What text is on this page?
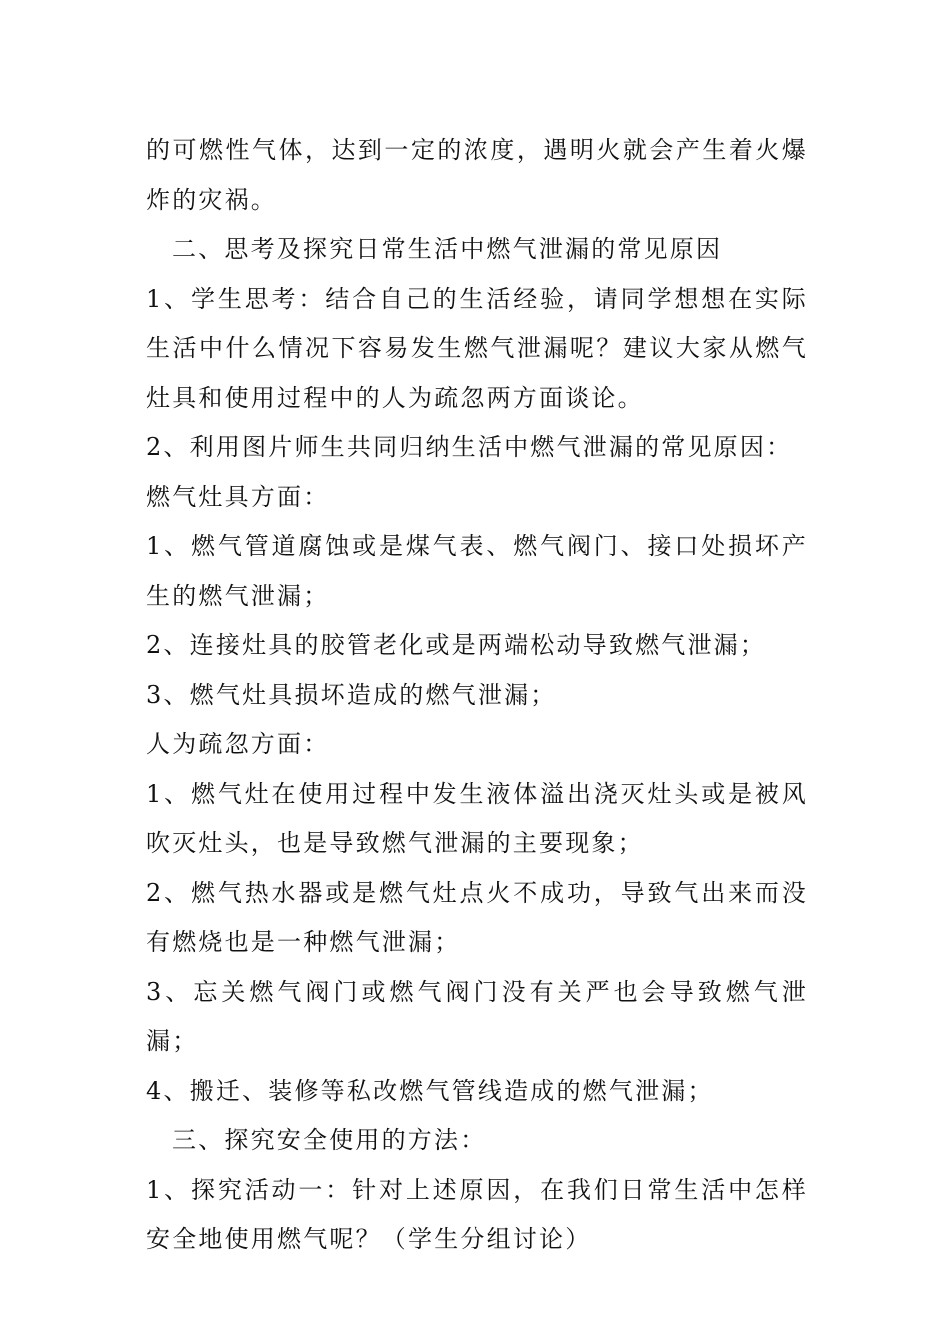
的可燃性气体，达到一定的浓度，遇明火就会产生着火爆炸的灾祸。

二、思考及探究日常生活中燃气泄漏的常见原因

1、学生思考：结合自己的生活经验，请同学想想在实际生活中什么情况下容易发生燃气泄漏呢？建议大家从燃气灶具和使用过程中的人为疏忽两方面谈论。

2、利用图片师生共同归纳生活中燃气泄漏的常见原因：

燃气灶具方面：

1、燃气管道腐蚀或是煤气表、燃气阀门、接口处损坏产生的燃气泄漏；

2、连接灶具的胶管老化或是两端松动导致燃气泄漏；

3、燃气灶具损坏造成的燃气泄漏；

人为疏忽方面：

1、燃气灶在使用过程中发生液体溢出浇灭灶头或是被风吹灭灶头，也是导致燃气泄漏的主要现象；

2、燃气热水器或是燃气灶点火不成功，导致气出来而没有燃烧也是一种燃气泄漏；

3、忘关燃气阀门或燃气阀门没有关严也会导致燃气泄漏；

4、搬迁、装修等私改燃气管线造成的燃气泄漏；

三、探究安全使用的方法：

1、探究活动一：针对上述原因，在我们日常生活中怎样安全地使用燃气呢？（学生分组讨论）
